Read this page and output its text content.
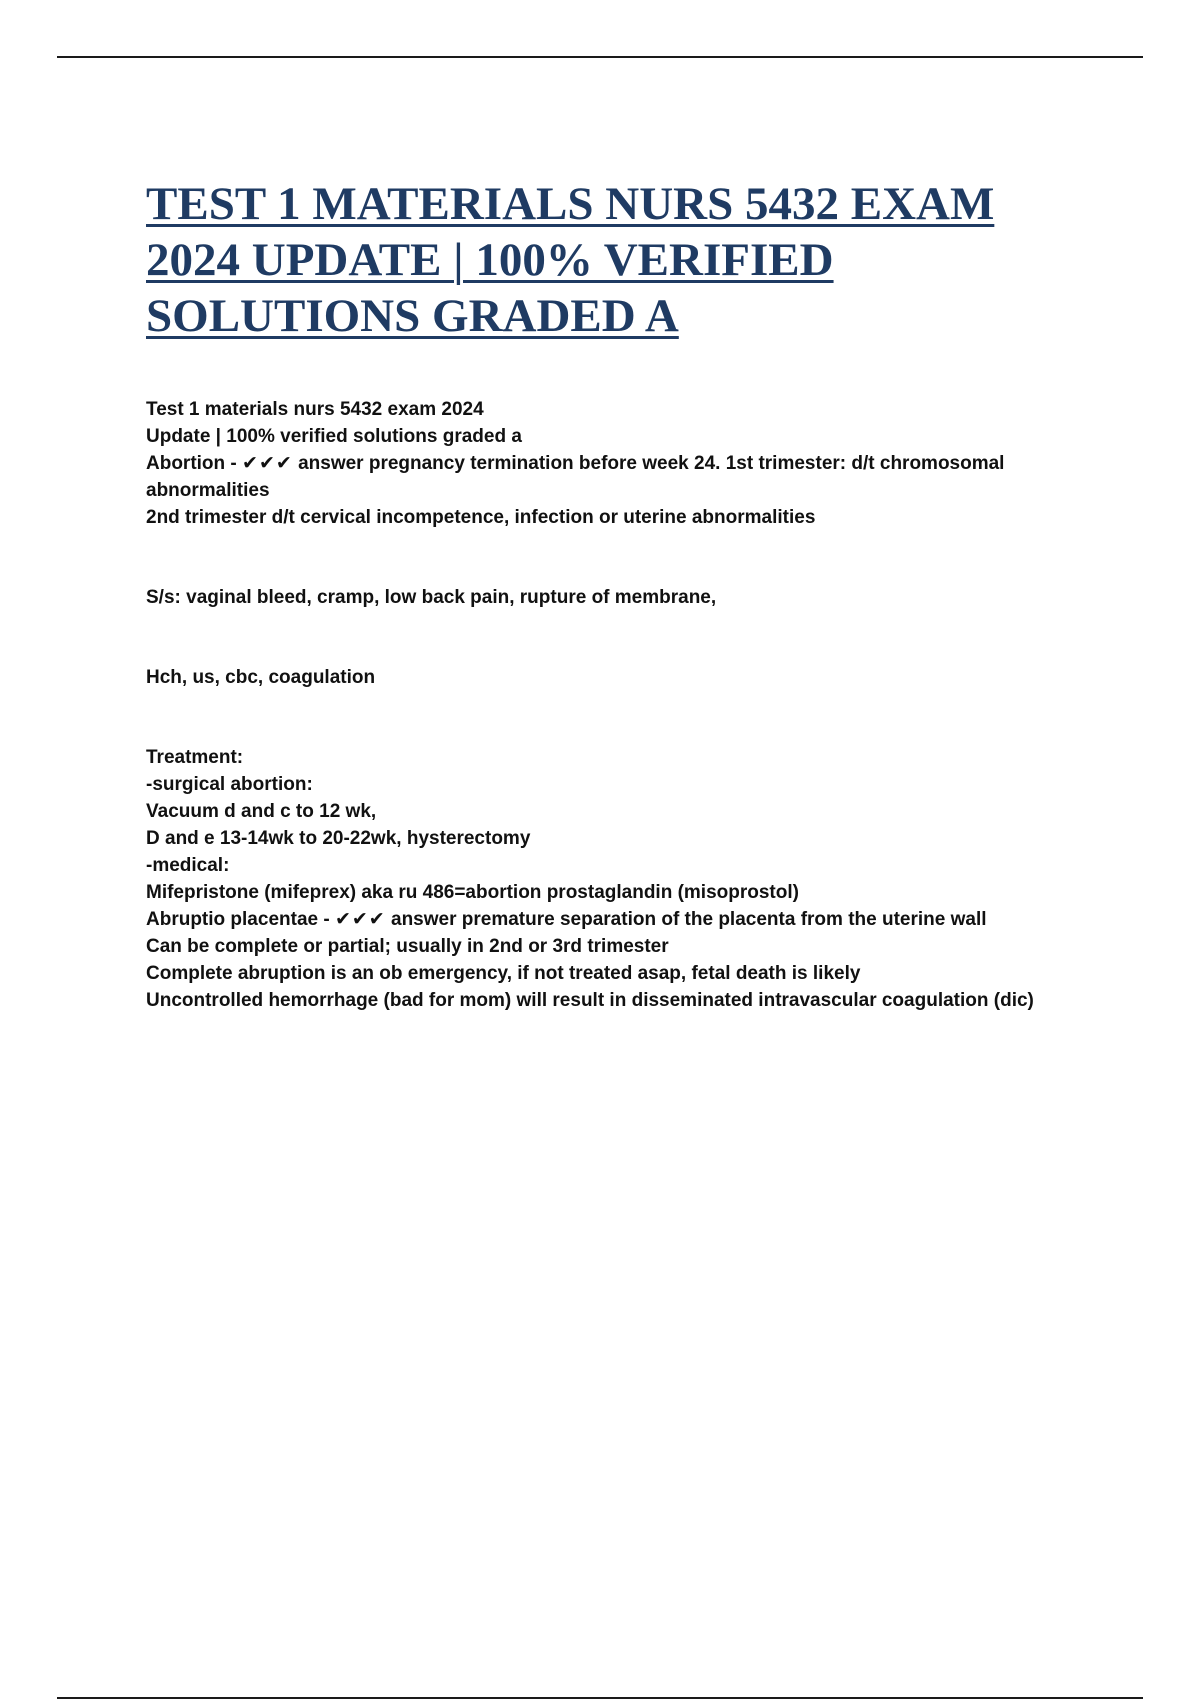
TEST 1 MATERIALS NURS 5432 EXAM
2024 UPDATE | 100% VERIFIED
SOLUTIONS GRADED A

Test 1 materials nurs 5432 exam 2024

Update | 100% verified solutions graded a

Abortion - ✔✔✔ answer pregnancy termination before week 24. 1st trimester: d/t chromosomal

abnormalities

2nd trimester d/t cervical incompetence, infection or uterine abnormalities

S/s: vaginal bleed, cramp, low back pain, rupture of membrane,

Hch, us, cbc, coagulation

Treatment:

-surgical abortion:

Vacuum d and c to 12 wk,

D and e 13-14wk to 20-22wk, hysterectomy

-medical:

Mifepristone (mifeprex) aka ru 486=abortion prostaglandin (misoprostol)

Abruptio placentae - ✔✔✔ answer premature separation of the placenta from the uterine wall

Can be complete or partial; usually in 2nd or 3rd trimester

Complete abruption is an ob emergency, if not treated asap, fetal death is likely

Uncontrolled hemorrhage (bad for mom) will result in disseminated intravascular coagulation (dic)
